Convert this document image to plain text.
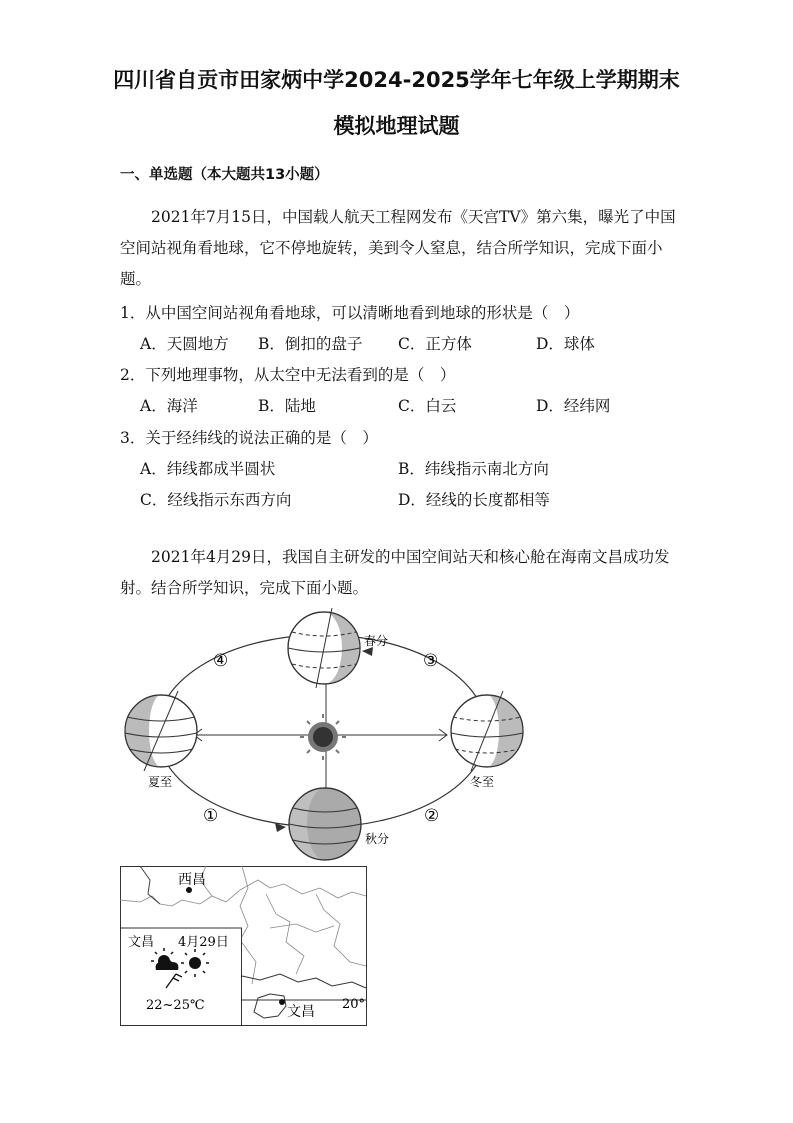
四川省自贡市田家炳中学2024-2025学年七年级上学期期末
模拟地理试题
一、单选题（本大题共13小题）
2021年7月15日，中国载人航天工程网发布《天宫TV》第六集，曝光了中国空间站视角看地球，它不停地旋转，美到令人窒息，结合所学知识，完成下面小题。
1．从中国空间站视角看地球，可以清晰地看到地球的形状是（　）
A．天圆地方 B．倒扣的盘子 C．正方体	D．球体
2．下列地理事物，从太空中无法看到的是（　）
A．海洋	B．陆地	C．白云	D．经纬网
3．关于经纬线的说法正确的是（　）
A．纬线都成半圆状	B．纬线指示南北方向
C．经线指示东西方向	D．经线的长度都相等
2021年4月29日，我国自主研发的中国空间站天和核心舱在海南文昌成功发射。结合所学知识，完成下面小题。
春分
夏至	冬至
秋分
④	③
①	②
西昌
文昌 20°
文昌 4月29日
22~25℃
